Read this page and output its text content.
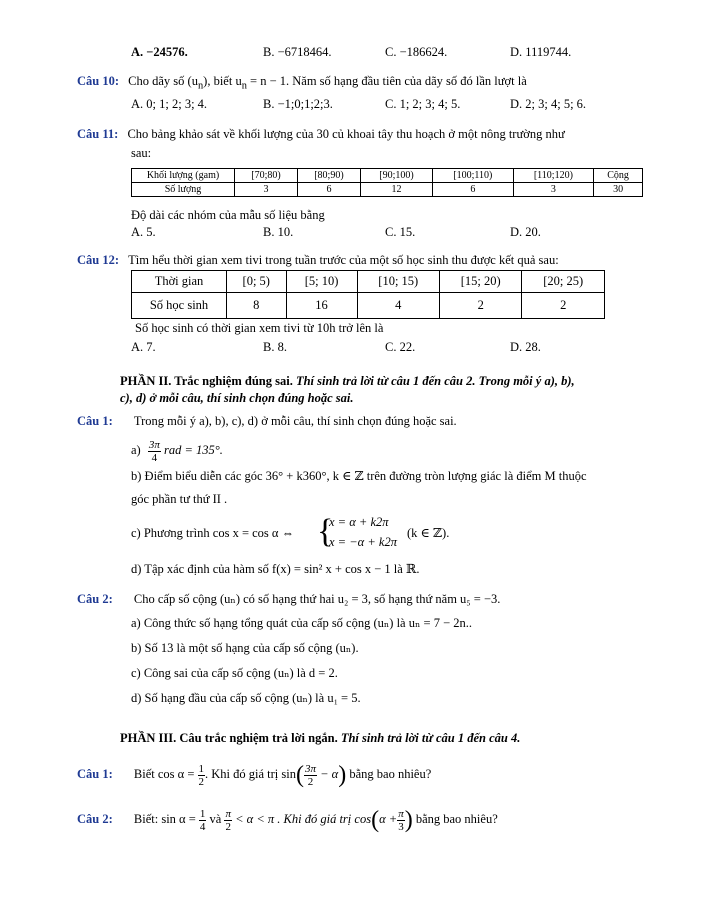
A. −24576.	B. −6718464.	C. −186624.	D. 1119744.
Câu 10: Cho dãy số $(u_n)$, biết $u_n = n - 1$. Năm số hạng đầu tiên của dãy số đó lần lượt là
A. 0; 1; 2; 3; 4.	B. −1;0;1;2;3.	C. 1; 2; 3; 4; 5.	D. 2; 3; 4; 5; 6.
Câu 11: Cho bảng khảo sát về khối lượng của 30 củ khoai tây thu hoạch ở một nông trường như
sau:
Khối lượng (gam)	[70;80)	[80;90)	[90;100)	[100;110)	[110;120)	Cộng
Số lượng	3	6	12	6	3	30
Độ dài các nhóm của mẫu số liệu bằng
A. 5.	B. 10.	C. 15.	D. 20.
Câu 12: Tìm hểu thời gian xem tivi trong tuần trước của một số học sinh thu được kết quả sau:
Thời gian	[0; 5)	[5; 10)	[10; 15)	[15; 20)	[20; 25)
Số học sinh	8	16	4	2	2
Số học sinh có thời gian xem tivi từ 10h trở lên là
A. 7.	B. 8.	C. 22.	D. 28.
PHẦN II. Trắc nghiệm đúng sai. Thí sinh trả lời từ câu 1 đến câu 2. Trong mỗi ý a), b),
c), d) ở mỗi câu, thí sinh chọn đúng hoặc sai.
Câu 1: Trong mỗi ý a), b), c), d) ở mỗi câu, thí sinh chọn đúng hoặc sai.
$a) \frac{3\pi}{4}$ rad = 135°.
b) Điểm biểu diễn các góc 36° + k360°, k ∈ ℤ trên đường tròn lượng giác là điểm M thuộc
góc phần tư thứ II .
c) Phương trình cos x = cos α ⇔ {
x = α + k2π
x = −α + k2π
(k ∈ ℤ).
d) Tập xác định của hàm số f(x) = sin² x + cos x − 1 là ℝ.
Câu 2: Cho cấp số cộng (uₙ) có số hạng thứ hai u₂ = 3, số hạng thứ năm u₅ = −3.
a) Công thức số hạng tổng quát của cấp số cộng (uₙ) là uₙ = 7 − 2n..
b) Số 13 là một số hạng của cấp số cộng (uₙ).
c) Công sai của cấp số cộng (uₙ) là d = 2.
d) Số hạng đầu của cấp số cộng (uₙ) là u₁ = 5.
PHẦN III. Câu trắc nghiệm trả lời ngắn. Thí sinh trả lời từ câu 1 đến câu 4.
Câu 1: Biết $\cos \alpha = \frac{1}{2}$ . Khi đó giá trị $\sin( \frac{3\pi}{2} - \alpha)$ bằng bao nhiêu?
Câu 2: Biết: $\sin \alpha = \frac{1}{4}$ và $\frac{\pi}{2} < \alpha < \pi$ . Khi đó giá trị $\cos(\alpha + \frac{\pi}{3}$ ) bằng bao nhiêu?
